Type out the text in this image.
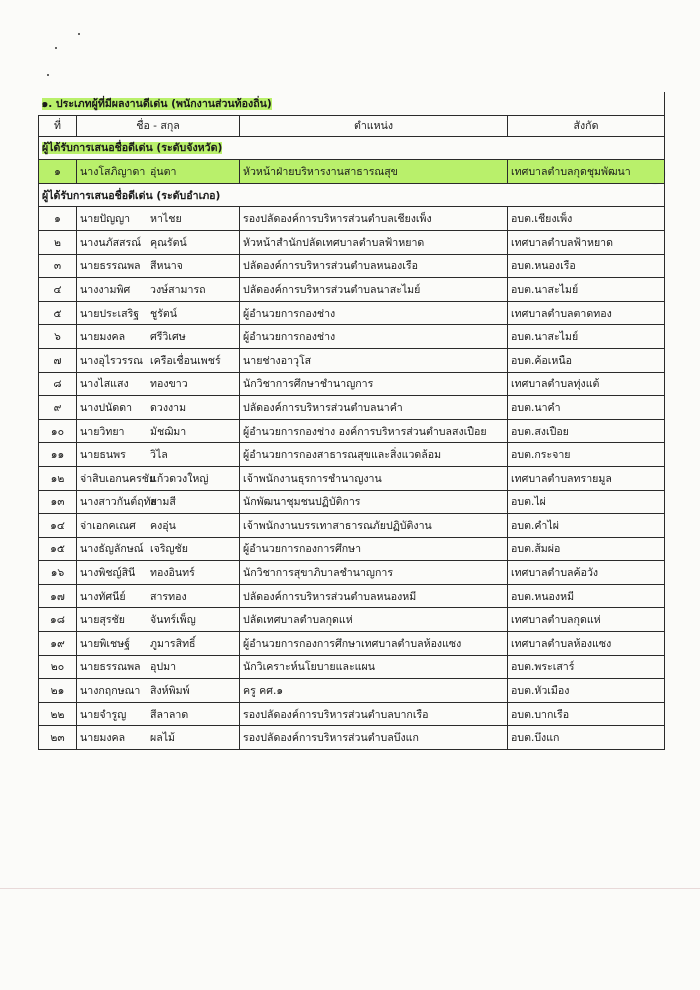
๑. ประเภทผู้ที่มีผลงานดีเด่น (พนักงานส่วนท้องถิ่น)			
ที่	ชื่อ - สกุล	ตำแหน่ง	สังกัด
ผู้ได้รับการเสนอชื่อดีเด่น (ระดับจังหวัด)			
๑	นางโสภิญาดา อุ่นตา	หัวหน้าฝ่ายบริหารงานสาธารณสุข	เทศบาลตำบลกุดชุมพัฒนา
ผู้ได้รับการเสนอชื่อดีเด่น (ระดับอำเภอ)			
๑	นายปัญญา หาไชย	รองปลัดองค์การบริหารส่วนตำบลเชียงเพ็ง	อบต.เชียงเพ็ง
๒	นางนภัสสรณ์ คุณรัตน์	หัวหน้าสำนักปลัดเทศบาลตำบลฟ้าหยาด	เทศบาลตำบลฟ้าหยาด
๓	นายธรรณพล สีหนาจ	ปลัดองค์การบริหารส่วนตำบลหนองเรือ	อบต.หนองเรือ
๔	นางงามพิศ วงษ์สามารถ	ปลัดองค์การบริหารส่วนตำบลนาสะไมย์	อบต.นาสะไมย์
๕	นายประเสริฐ ชูรัตน์	ผู้อำนวยการกองช่าง	เทศบาลตำบลตาดทอง
๖	นายมงคล ศรีวิเศษ	ผู้อำนวยการกองช่าง	อบต.นาสะไมย์
๗	นางอุไรวรรณ เครือเชื่อนเพชร์	นายช่างอาวุโส	อบต.ค้อเหนือ
๘	นางไสแสง ทองขาว	นักวิชาการศึกษาชำนาญการ	เทศบาลตำบลทุ่งแต้
๙	นางปนัดดา ดวงงาม	ปลัดองค์การบริหารส่วนตำบลนาคำ	อบต.นาคำ
๑๐	นายวิทยา มัชฌิมา	ผู้อำนวยการกองช่าง องค์การบริหารส่วนตำบลสงเปือย	อบต.สงเปือย
๑๑	นายธนพร วิไล	ผู้อำนวยการกองสาธารณสุขและสิ่งแวดล้อม	อบต.กระจาย
๑๒	จ่าสิบเอกนครชัยแก้วดวงใหญ่	เจ้าพนักงานธุรการชำนาญงาน	เทศบาลตำบลทรายมูล
๑๓	นางสาวกันต์ฤทัยสามสี	นักพัฒนาชุมชนปฏิบัติการ	อบต.ไผ่
๑๔	จ่าเอกคเณศ คงอุ่น	เจ้าพนักงานบรรเทาสาธารณภัยปฏิบัติงาน	อบต.คำไผ่
๑๕	นางธัญลักษณ์ เจริญชัย	ผู้อำนวยการกองการศึกษา	อบต.ส้มผ่อ
๑๖	นางพิชญ์สินี ทองอินทร์	นักวิชาการสุขาภิบาลชำนาญการ	เทศบาลตำบลค้อวัง
๑๗	นางทัศนีย์ สารทอง	ปลัดองค์การบริหารส่วนตำบลหนองหมี	อบต.หนองหมี
๑๘	นายสุรชัย จันทร์เพ็ญ	ปลัดเทศบาลตำบลกุดแห่	เทศบาลตำบลกุดแห่
๑๙	นายพิเชษฐ์ ภูมารสิทธิ์	ผู้อำนวยการกองการศึกษาเทศบาลตำบลห้องแซง	เทศบาลตำบลห้องแซง
๒๐	นายธรรณพล อุปมา	นักวิเคราะห์นโยบายและแผน	อบต.พระเสาร์
๒๑	นางกฤกษณา สิงห์พิมพ์	ครู คศ.๑	อบต.หัวเมือง
๒๒	นายจำรูญ สีลาลาด	รองปลัดองค์การบริหารส่วนตำบลบากเรือ	อบต.บากเรือ
๒๓	นายมงคล ผลไม้	รองปลัดองค์การบริหารส่วนตำบลบึงแก	อบต.บึงแก
